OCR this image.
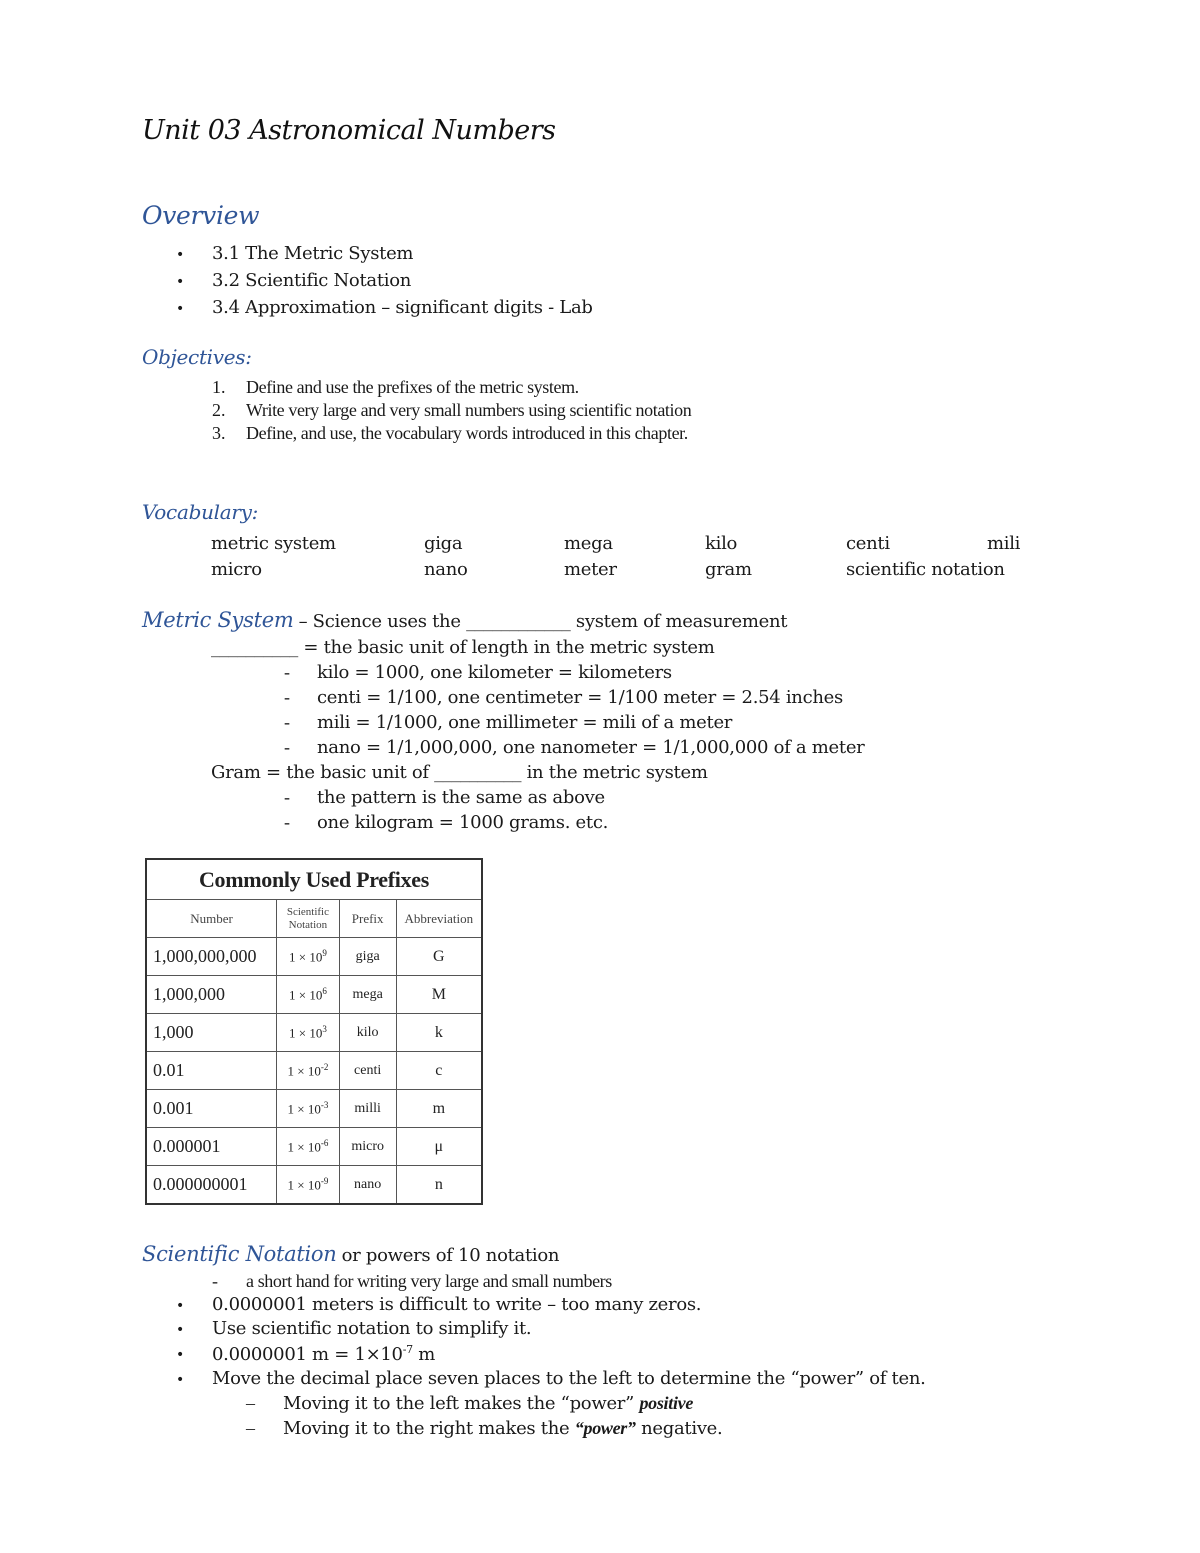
Unit 03 Astronomical Numbers
Overview
• 3.1 The Metric System
• 3.2 Scientific Notation
• 3.4 Approximation – significant digits - Lab
Objectives:
1. Define and use the prefixes of the metric system.
2. Write very large and very small numbers using scientific notation
3. Define, and use, the vocabulary words introduced in this chapter.
Vocabulary:
metric system	giga	mega	kilo	centi	mili
micro	nano	meter	gram	scientific notation
Metric System – Science uses the ____________ system of measurement
__________ = the basic unit of length in the metric system
- kilo = 1000, one kilometer = kilometers
- centi = 1/100, one centimeter = 1/100 meter = 2.54 inches
- mili = 1/1000, one millimeter = mili of a meter
- nano = 1/1,000,000, one nanometer = 1/1,000,000 of a meter
Gram = the basic unit of __________ in the metric system
- the pattern is the same as above
- one kilogram = 1000 grams. etc.
Commonly Used Prefixes			
Number	Scientific Notation	Prefix	Abbreviation
1,000,000,000	$1 \times 10^9$	giga	G
1,000,000	$1 \times 10^6$	mega	M
1,000	$1 \times 10^3$	kilo	k
0.01	$1 \times 10^{-2}$	centi	c
0.001	$1 \times 10^{-3}$	milli	m
0.000001	$1 \times 10^{-6}$	micro	μ
0.000000001	$1 \times 10^{-9}$	nano	n
Scientific Notation or powers of 10 notation
- a short hand for writing very large and small numbers
• 0.0000001 meters is difficult to write – too many zeros.
• Use scientific notation to simplify it.
• 0.0000001 $m = 1\times 10^{-7}$ m
• Move the decimal place seven places to the left to determine the “power” of ten.
– Moving it to the left makes the “power” positive
– Moving it to the right makes the “power” negative.
